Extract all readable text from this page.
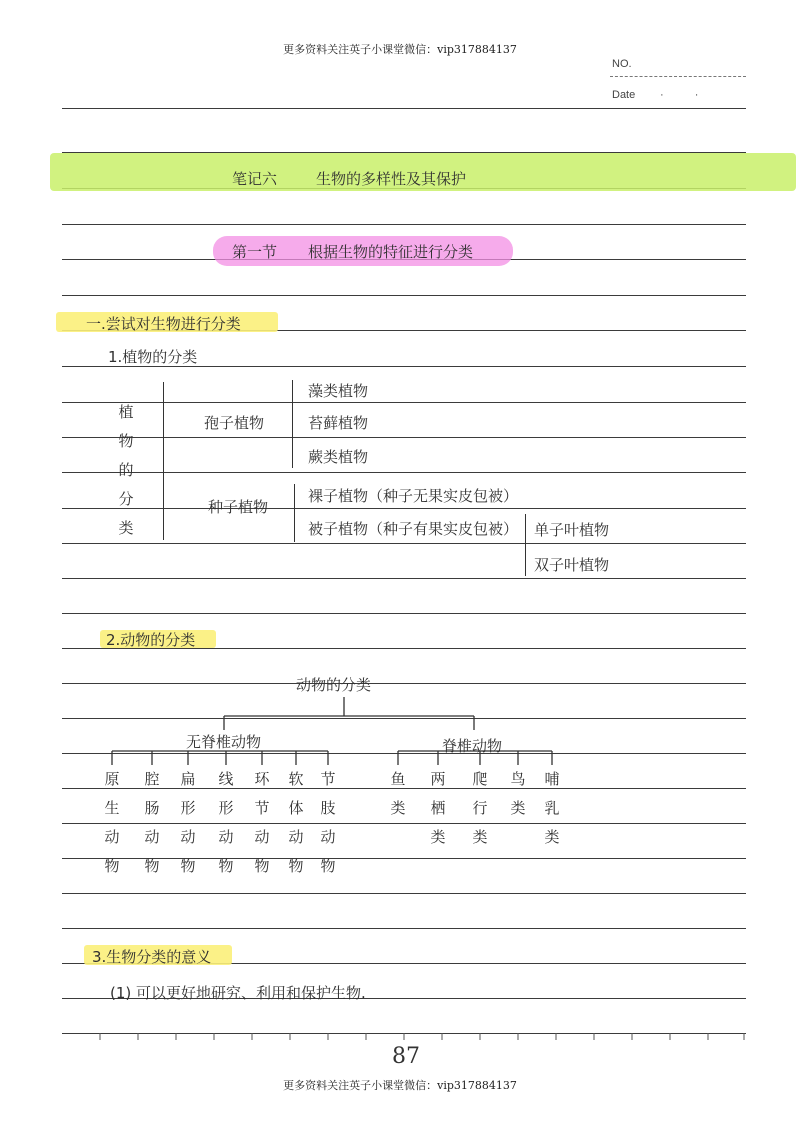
更多资料关注英子小课堂微信：vip317884137
NO.
Date · ·
笔记六	生物的多样性及其保护
第一节 根据生物的特征进行分类
一.尝试对生物进行分类
1.植物的分类
植
物
的
分
类
孢子植物
藻类植物
苔藓植物
蕨类植物
种子植物
裸子植物（种子无果实皮包被）
被子植物（种子有果实皮包被） 单子叶植物
双子叶植物
2.动物的分类
动物的分类
无脊椎动物	脊椎动物
原
生
动
物
腔
肠
动
物
扁
形
动
物
线
形
动
物
环
节
动
物
软
体
动
物
节
肢
动
物
鱼
类
两
栖
类
爬
行
类
鸟
类
哺
乳
类
3.生物分类的意义
(1) 可以更好地研究、利用和保护生物.
87
更多资料关注英子小课堂微信：vip317884137
